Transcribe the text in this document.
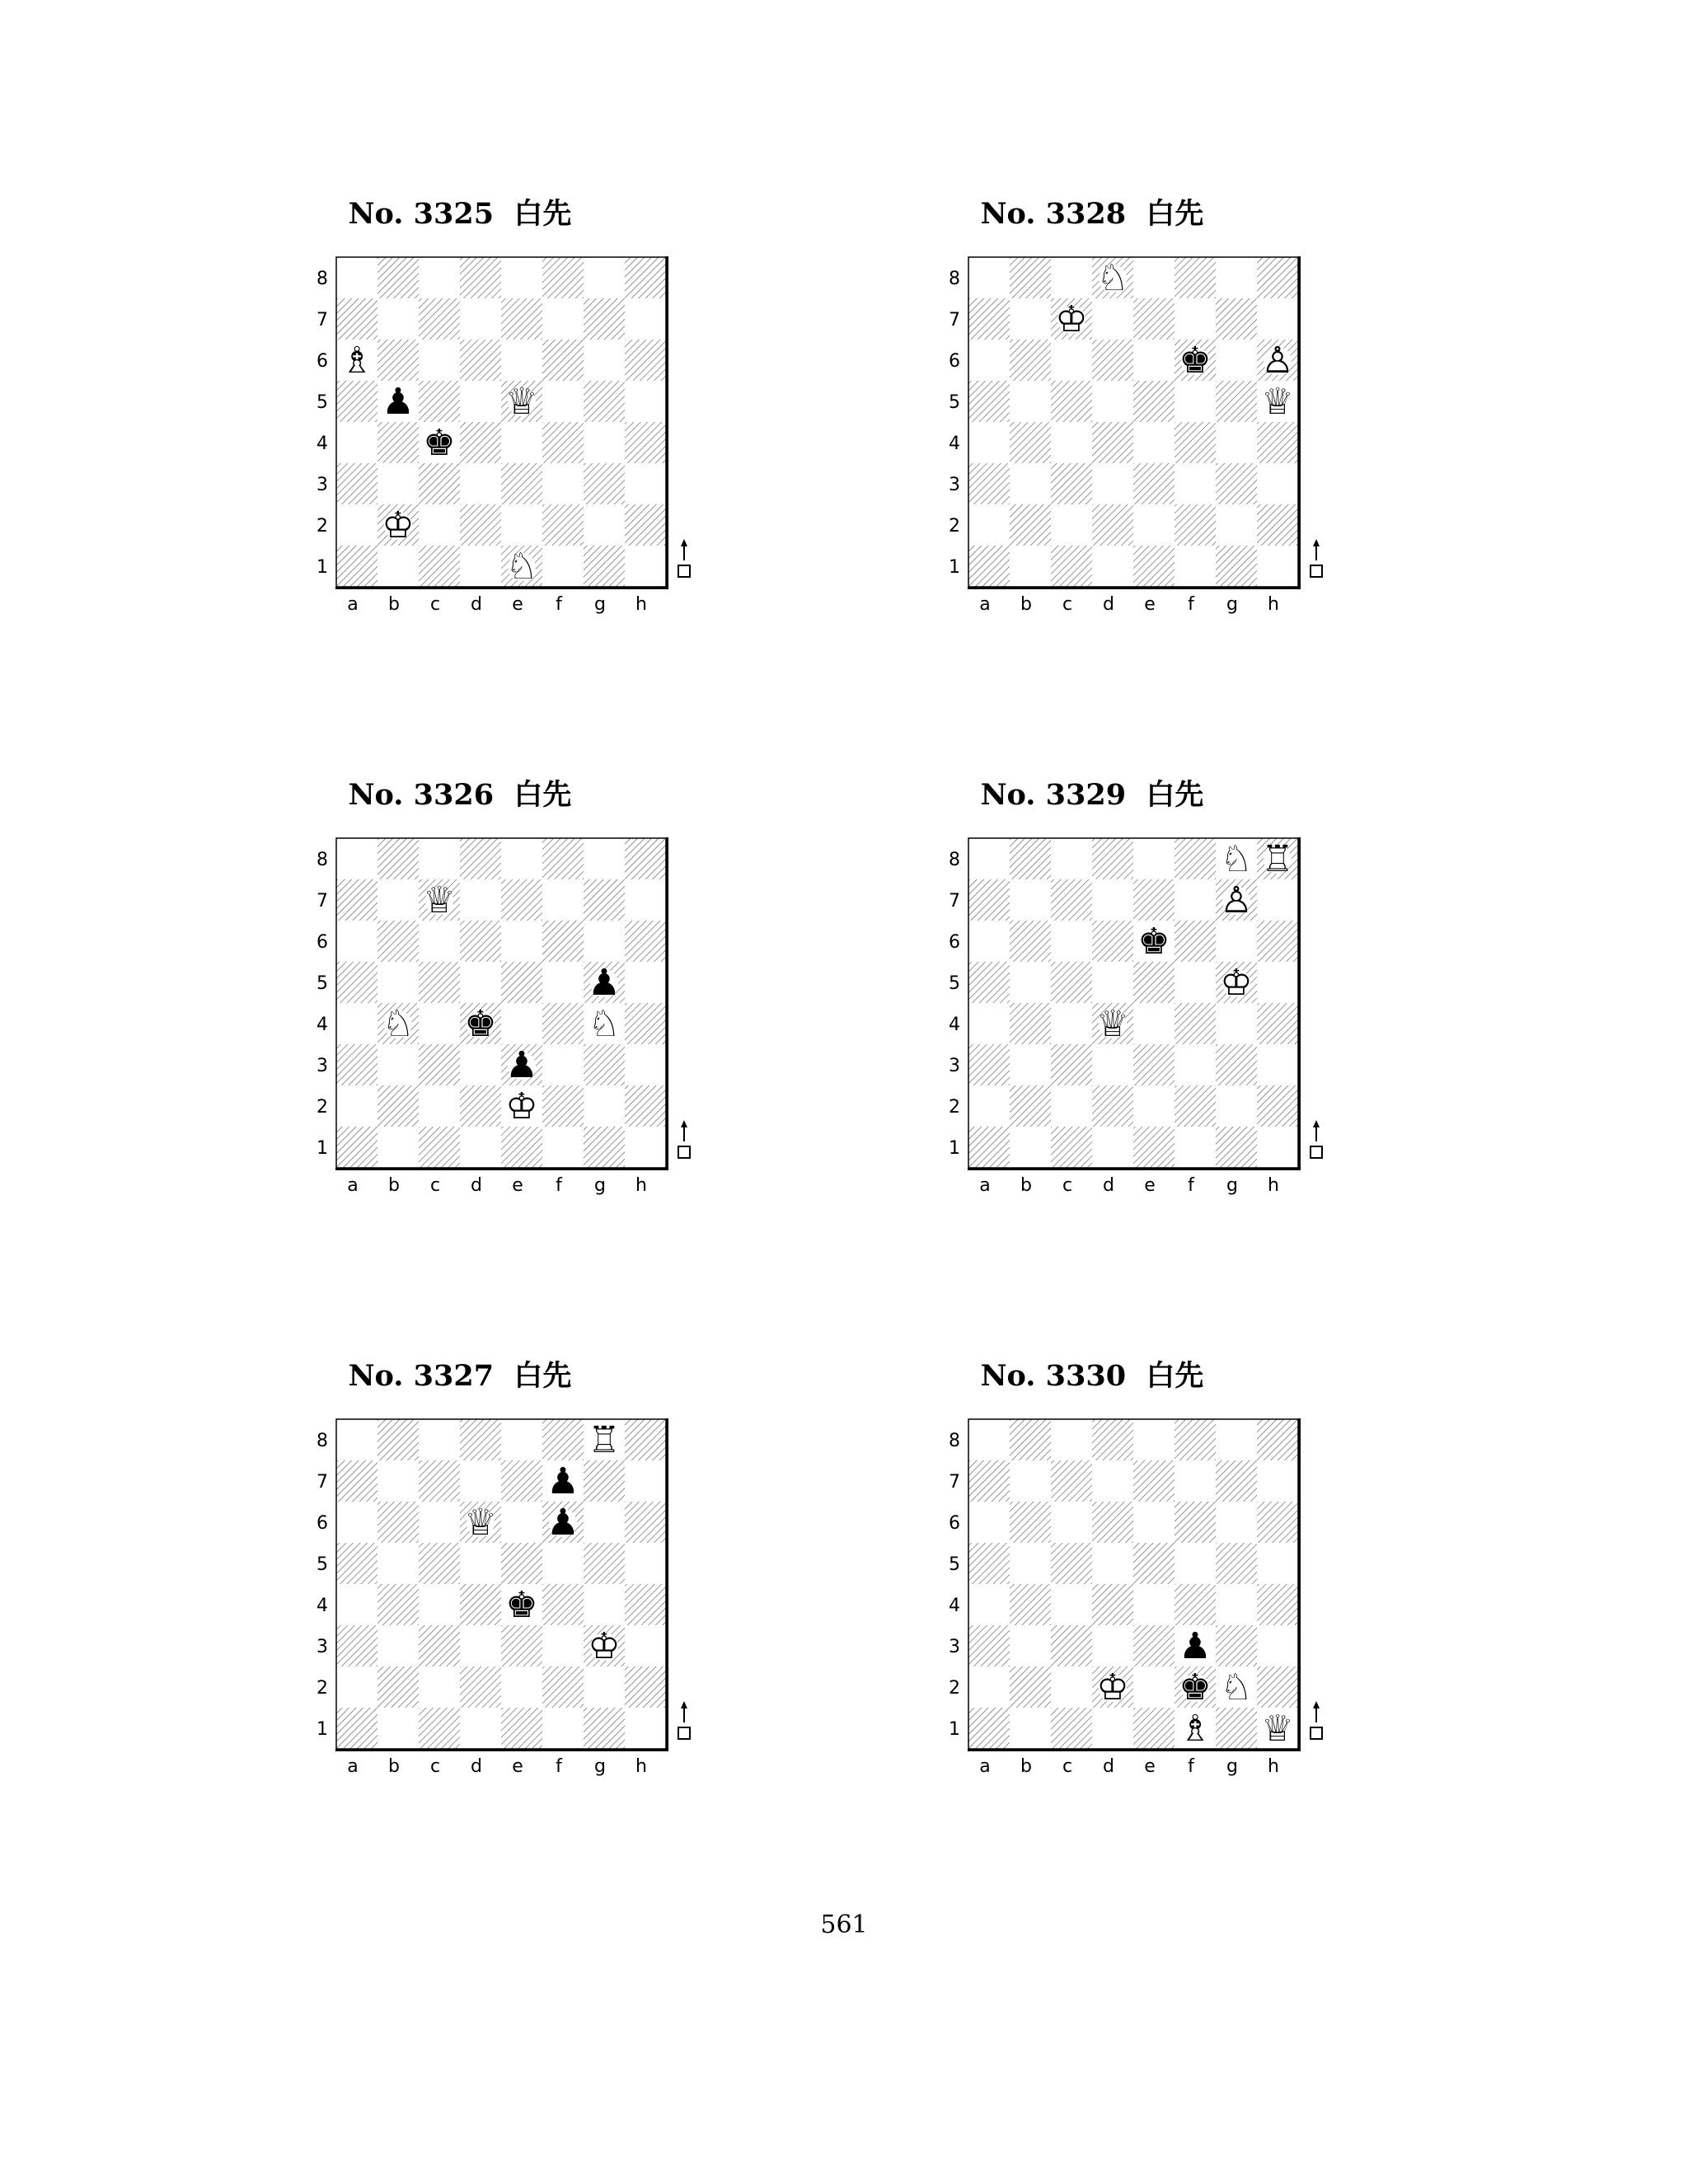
No. 3325  白先
8
7
6
5
4
3
2
1
a b c d e f g h
♗
♟
♚
♕
♔
♘
No. 3328  白先
8
7
6
5
4
3
2
1
a b c d e f g h
♘
♔
♚ ♙
♕
No. 3326  白先
8
7
6
5
4
3
2
1
a b c d e f g h
♕
♟
♘ ♚	♘
♟
♔
No. 3329  白先
8
7
6
5
4
3
2
1
a b c d e f g h
♘ ♖
♙
♚
♔
♕
No. 3327  白先
8
7
6
5
4
3
2
1
a b c d e f g h
♖
♟
♕ ♟
♚
♔
No. 3330  白先
8
7
6
5
4
3
2
1
a b c d e f g h
♟
♔ ♚ ♘
♗ ♕
561
